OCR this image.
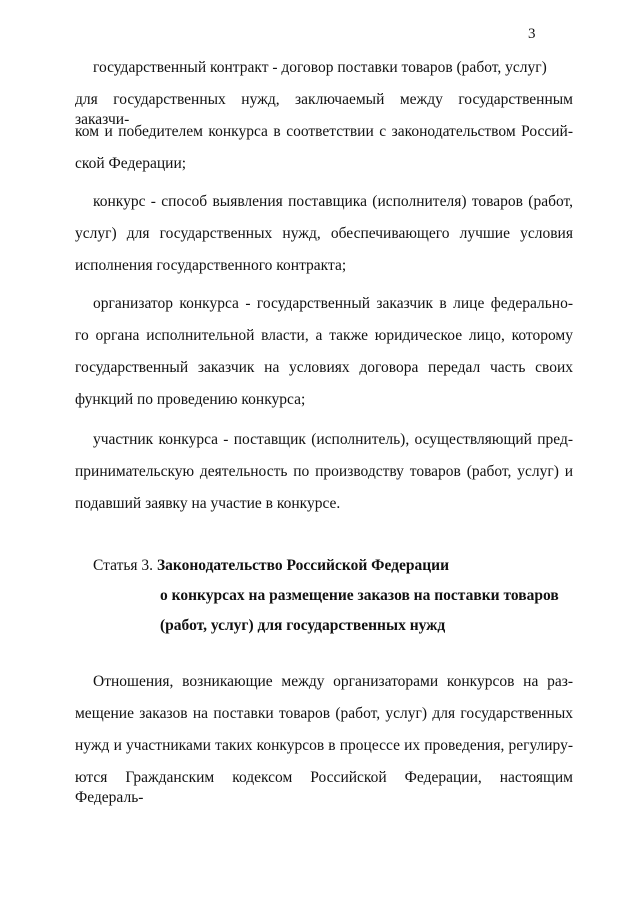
3
государственный контракт - договор поставки товаров (работ, услуг)
для государственных нужд, заключаемый между государственным заказчи-
ком и победителем конкурса в соответствии с законодательством Россий-
ской Федерации;
конкурс - способ выявления поставщика (исполнителя) товаров (работ,
услуг) для государственных нужд, обеспечивающего лучшие условия
исполнения государственного контракта;
организатор конкурса - государственный заказчик в лице федерально-
го органа исполнительной власти, а также юридическое лицо, которому
государственный заказчик на условиях договора передал часть своих
функций по проведению конкурса;
участник конкурса - поставщик (исполнитель), осуществляющий пред-
принимательскую деятельность по производству товаров (работ, услуг) и
подавший заявку на участие в конкурсе.
Статья 3. Законодательство Российской Федерации
о конкурсах на размещение заказов на поставки товаров
(работ, услуг) для государственных нужд
Отношения, возникающие между организаторами конкурсов на раз-
мещение заказов на поставки товаров (работ, услуг) для государственных
нужд и участниками таких конкурсов в процессе их проведения, регулиру-
ются Гражданским кодексом Российской Федерации, настоящим Федераль-
